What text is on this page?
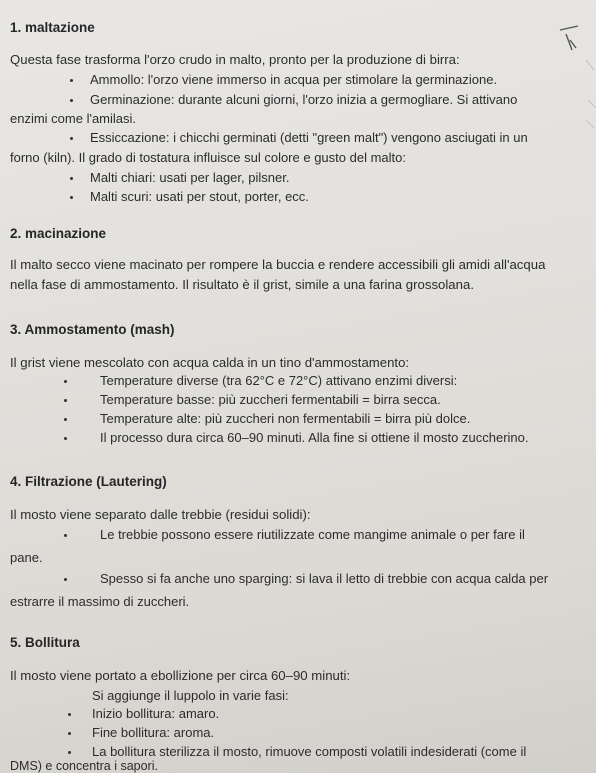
1. maltazione
Questa fase trasforma l'orzo crudo in malto, pronto per la produzione di birra:
Ammollo: l'orzo viene immerso in acqua per stimolare la germinazione.
Germinazione: durante alcuni giorni, l'orzo inizia a germogliare. Si attivano
enzimi come l'amilasi.
Essiccazione: i chicchi germinati (detti "green malt") vengono asciugati in un
forno (kiln). Il grado di tostatura influisce sul colore e gusto del malto:
Malti chiari: usati per lager, pilsner.
Malti scuri: usati per stout, porter, ecc.
2. macinazione
Il malto secco viene macinato per rompere la buccia e rendere accessibili gli amidi all'acqua
nella fase di ammostamento. Il risultato è il grist, simile a una farina grossolana.
3. Ammostamento (mash)
Il grist viene mescolato con acqua calda in un tino d'ammostamento:
Temperature diverse (tra 62°C e 72°C) attivano enzimi diversi:
Temperature basse: più zuccheri fermentabili = birra secca.
Temperature alte: più zuccheri non fermentabili = birra più dolce.
Il processo dura circa 60–90 minuti. Alla fine si ottiene il mosto zuccherino.
4. Filtrazione (Lautering)
Il mosto viene separato dalle trebbie (residui solidi):
Le trebbie possono essere riutilizzate come mangime animale o per fare il
pane.
Spesso si fa anche uno sparging: si lava il letto di trebbie con acqua calda per
estrarre il massimo di zuccheri.
5. Bollitura
Il mosto viene portato a ebollizione per circa 60–90 minuti:
Si aggiunge il luppolo in varie fasi:
Inizio bollitura: amaro.
Fine bollitura: aroma.
La bollitura sterilizza il mosto, rimuove composti volatili indesiderati (come il
DMS) e concentra i sapori.
